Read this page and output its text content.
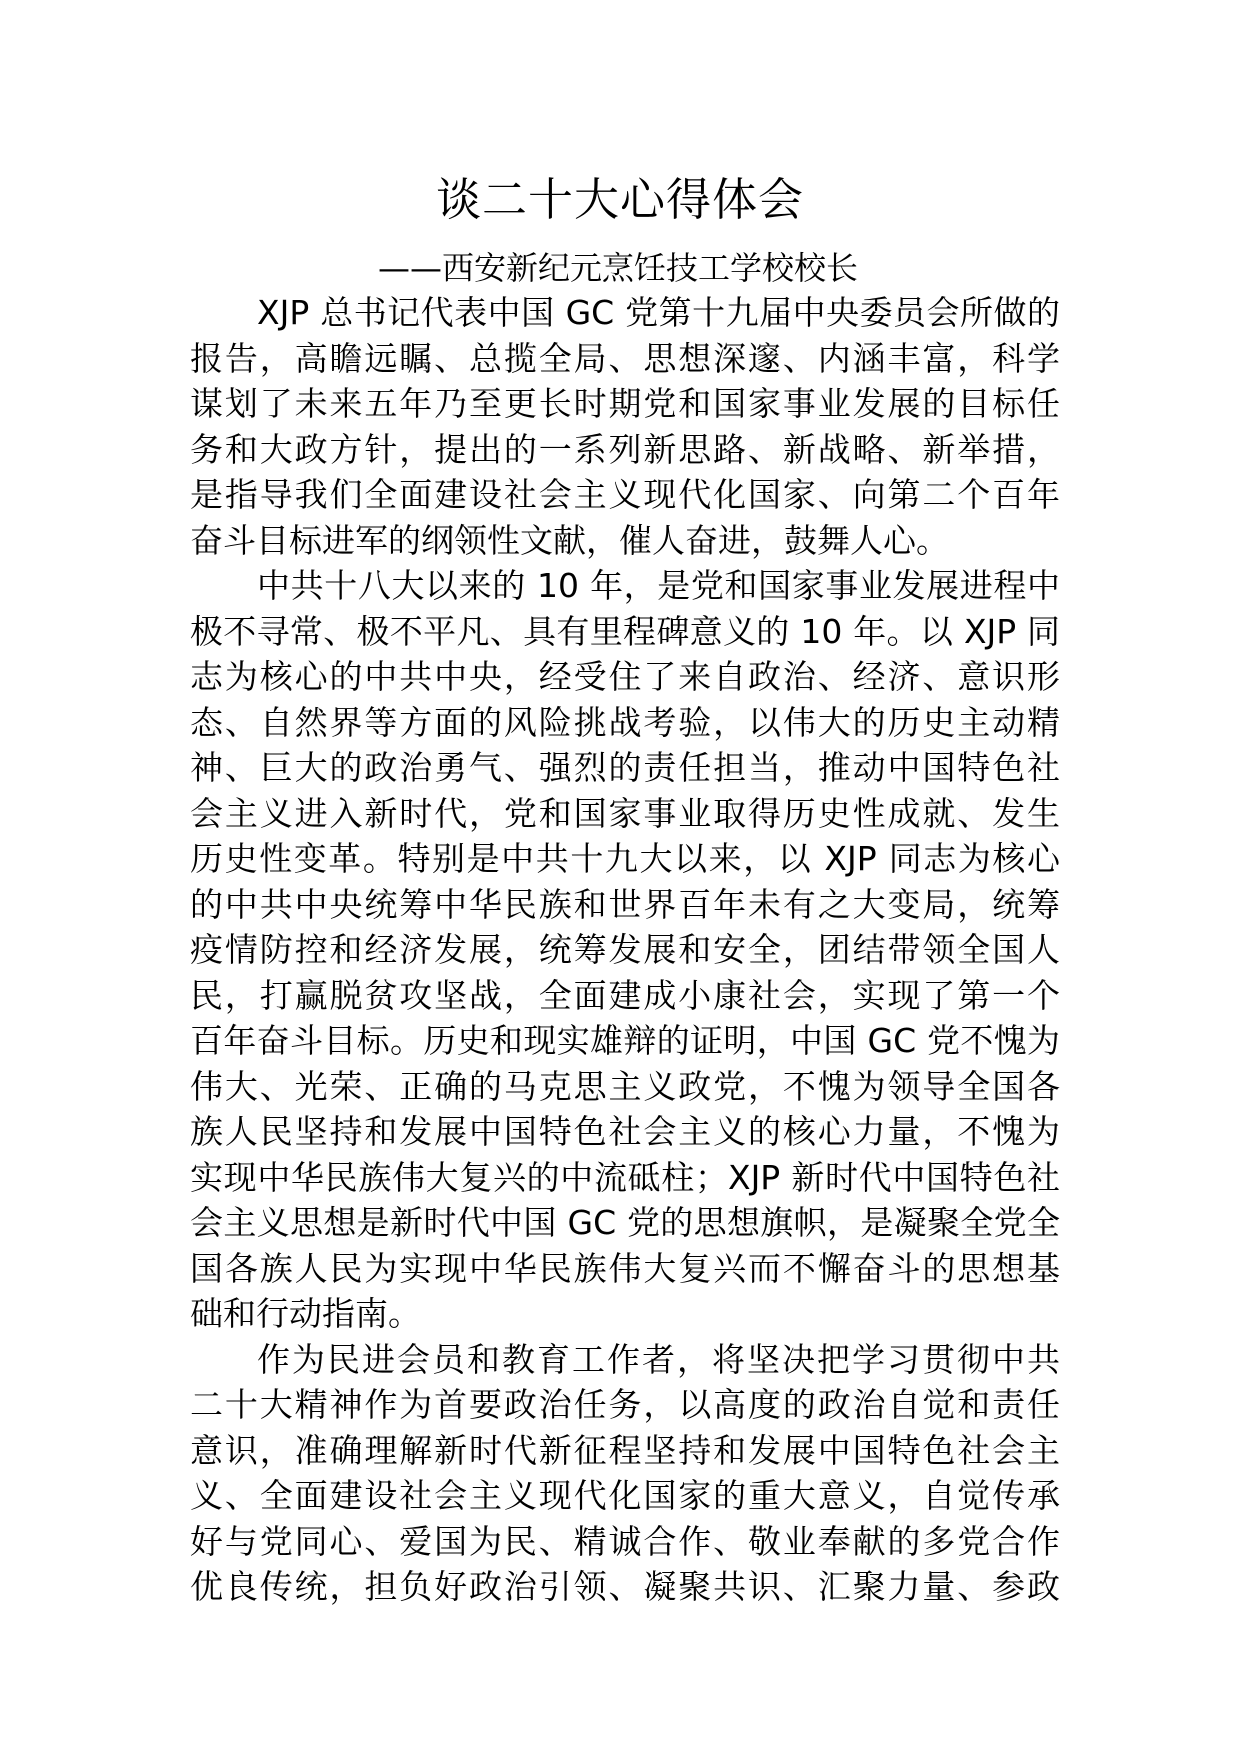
谈二十大心得体会
——西安新纪元烹饪技工学校校长
XJP 总书记代表中国 GC 党第十九届中央委员会所做的
报告，高瞻远瞩、总揽全局、思想深邃、内涵丰富，科学
谋划了未来五年乃至更长时期党和国家事业发展的目标任
务和大政方针，提出的一系列新思路、新战略、新举措，
是指导我们全面建设社会主义现代化国家、向第二个百年
奋斗目标进军的纲领性文献，催人奋进，鼓舞人心。
中共十八大以来的 10 年，是党和国家事业发展进程中
极不寻常、极不平凡、具有里程碑意义的 10 年。以 XJP 同
志为核心的中共中央，经受住了来自政治、经济、意识形
态、自然界等方面的风险挑战考验，以伟大的历史主动精
神、巨大的政治勇气、强烈的责任担当，推动中国特色社
会主义进入新时代，党和国家事业取得历史性成就、发生
历史性变革。特别是中共十九大以来，以 XJP 同志为核心
的中共中央统筹中华民族和世界百年未有之大变局，统筹
疫情防控和经济发展，统筹发展和安全，团结带领全国人
民，打赢脱贫攻坚战，全面建成小康社会，实现了第一个
百年奋斗目标。历史和现实雄辩的证明，中国 GC 党不愧为
伟大、光荣、正确的马克思主义政党，不愧为领导全国各
族人民坚持和发展中国特色社会主义的核心力量，不愧为
实现中华民族伟大复兴的中流砥柱；XJP 新时代中国特色社
会主义思想是新时代中国 GC 党的思想旗帜，是凝聚全党全
国各族人民为实现中华民族伟大复兴而不懈奋斗的思想基
础和行动指南。
作为民进会员和教育工作者，将坚决把学习贯彻中共
二十大精神作为首要政治任务，以高度的政治自觉和责任
意识，准确理解新时代新征程坚持和发展中国特色社会主
义、全面建设社会主义现代化国家的重大意义，自觉传承
好与党同心、爱国为民、精诚合作、敬业奉献的多党合作
优良传统，担负好政治引领、凝聚共识、汇聚力量、参政
